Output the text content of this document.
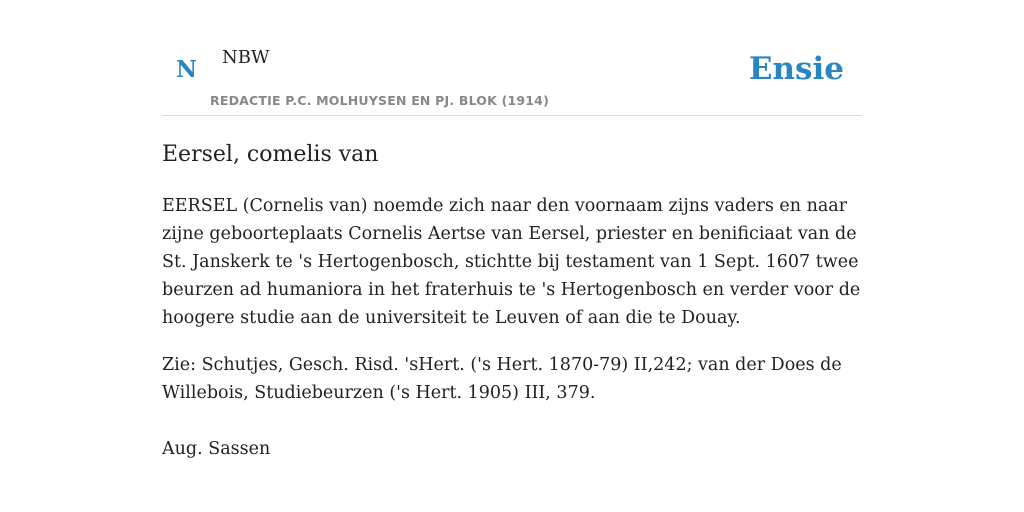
N NBW
REDACTIE P.C. MOLHUYSEN EN PJ. BLOK (1914)
Ensie
Eersel, comelis van

EERSEL (Cornelis van) noemde zich naar den voornaam zijns vaders en naar zijne geboorteplaats Cornelis Aertse van Eersel, priester en benificiaat van de St. Janskerk te 's Hertogenbosch, stichtte bij testament van 1 Sept. 1607 twee beurzen ad humaniora in het fraterhuis te 's Hertogenbosch en verder voor de hoogere studie aan de universiteit te Leuven of aan die te Douay.

Zie: Schutjes, Gesch. Risd. 'sHert. ('s Hert. 1870-79) II,242; van der Does de Willebois, Studiebeurzen ('s Hert. 1905) III, 379.

Aug. Sassen
